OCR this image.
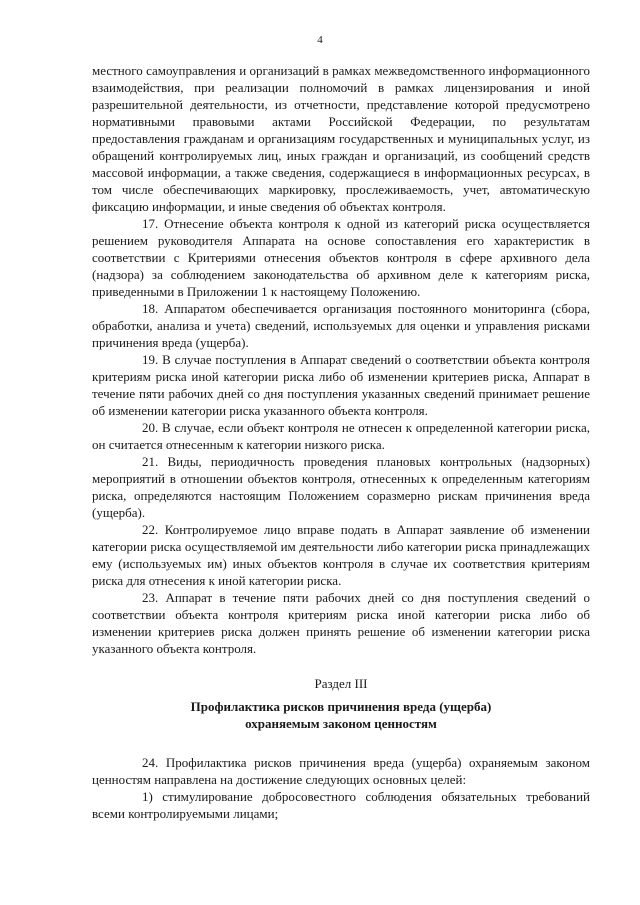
4

местного самоуправления и организаций в рамках межведомственного информационного взаимодействия, при реализации полномочий в рамках лицензирования и иной разрешительной деятельности, из отчетности, представление которой предусмотрено нормативными правовыми актами Российской Федерации, по результатам предоставления гражданам и организациям государственных и муниципальных услуг, из обращений контролируемых лиц, иных граждан и организаций, из сообщений средств массовой информации, а также сведения, содержащиеся в информационных ресурсах, в том числе обеспечивающих маркировку, прослеживаемость, учет, автоматическую фиксацию информации, и иные сведения об объектах контроля.

17. Отнесение объекта контроля к одной из категорий риска осуществляется решением руководителя Аппарата на основе сопоставления его характеристик в соответствии с Критериями отнесения объектов контроля в сфере архивного дела (надзора) за соблюдением законодательства об архивном деле к категориям риска, приведенными в Приложении 1 к настоящему Положению.

18. Аппаратом обеспечивается организация постоянного мониторинга (сбора, обработки, анализа и учета) сведений, используемых для оценки и управления рисками причинения вреда (ущерба).

19. В случае поступления в Аппарат сведений о соответствии объекта контроля критериям риска иной категории риска либо об изменении критериев риска, Аппарат в течение пяти рабочих дней со дня поступления указанных сведений принимает решение об изменении категории риска указанного объекта контроля.

20. В случае, если объект контроля не отнесен к определенной категории риска, он считается отнесенным к категории низкого риска.

21. Виды, периодичность проведения плановых контрольных (надзорных) мероприятий в отношении объектов контроля, отнесенных к определенным категориям риска, определяются настоящим Положением соразмерно рискам причинения вреда (ущерба).

22. Контролируемое лицо вправе подать в Аппарат заявление об изменении категории риска осуществляемой им деятельности либо категории риска принадлежащих ему (используемых им) иных объектов контроля в случае их соответствия критериям риска для отнесения к иной категории риска.

23. Аппарат в течение пяти рабочих дней со дня поступления сведений о соответствии объекта контроля критериям риска иной категории риска либо об изменении критериев риска должен принять решение об изменении категории риска указанного объекта контроля.

Раздел III

Профилактика рисков причинения вреда (ущерба)

охраняемым законом ценностям

24. Профилактика рисков причинения вреда (ущерба) охраняемым законом ценностям направлена на достижение следующих основных целей:

1) стимулирование добросовестного соблюдения обязательных требований всеми контролируемыми лицами;
